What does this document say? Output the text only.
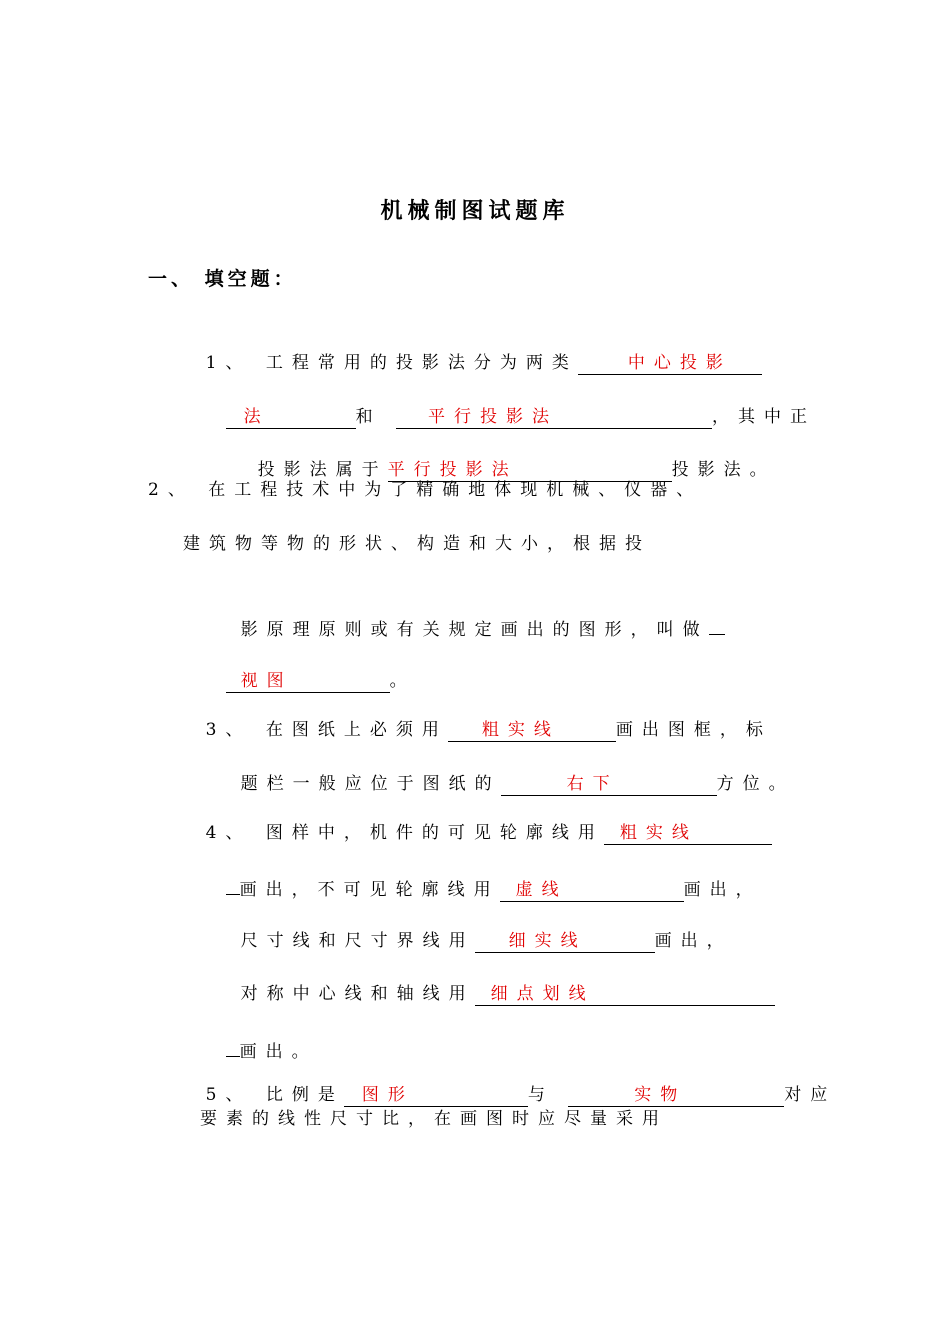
机械制图试题库
一、 填空题：

1、 工程常用的投影法分为两类	中心投影

法	和	平行投影法	，其中正

投影法属于平行投影法	投影法。

2、 在工程技术中为了精确地体现机械、仪器、
建筑物等物的形状、构造和大小，根据投

影原理原则或有关规定画出的图形，叫做

视图	。

3、 在图纸上必须用 粗实线	画出图框，标

题栏一般应位于图纸的	右下	方位。

4、 图样中，机件的可见轮廓线用 粗实线

画出，不可见轮廓线用 虚线	画出，

尺寸线和尺寸界线用 细实线	画出，

对称中心线和轴线用 细点划线

画出。

5、 比例是 图形	与	实物	对应

要素的线性尺寸比，在画图时应尽量采用
